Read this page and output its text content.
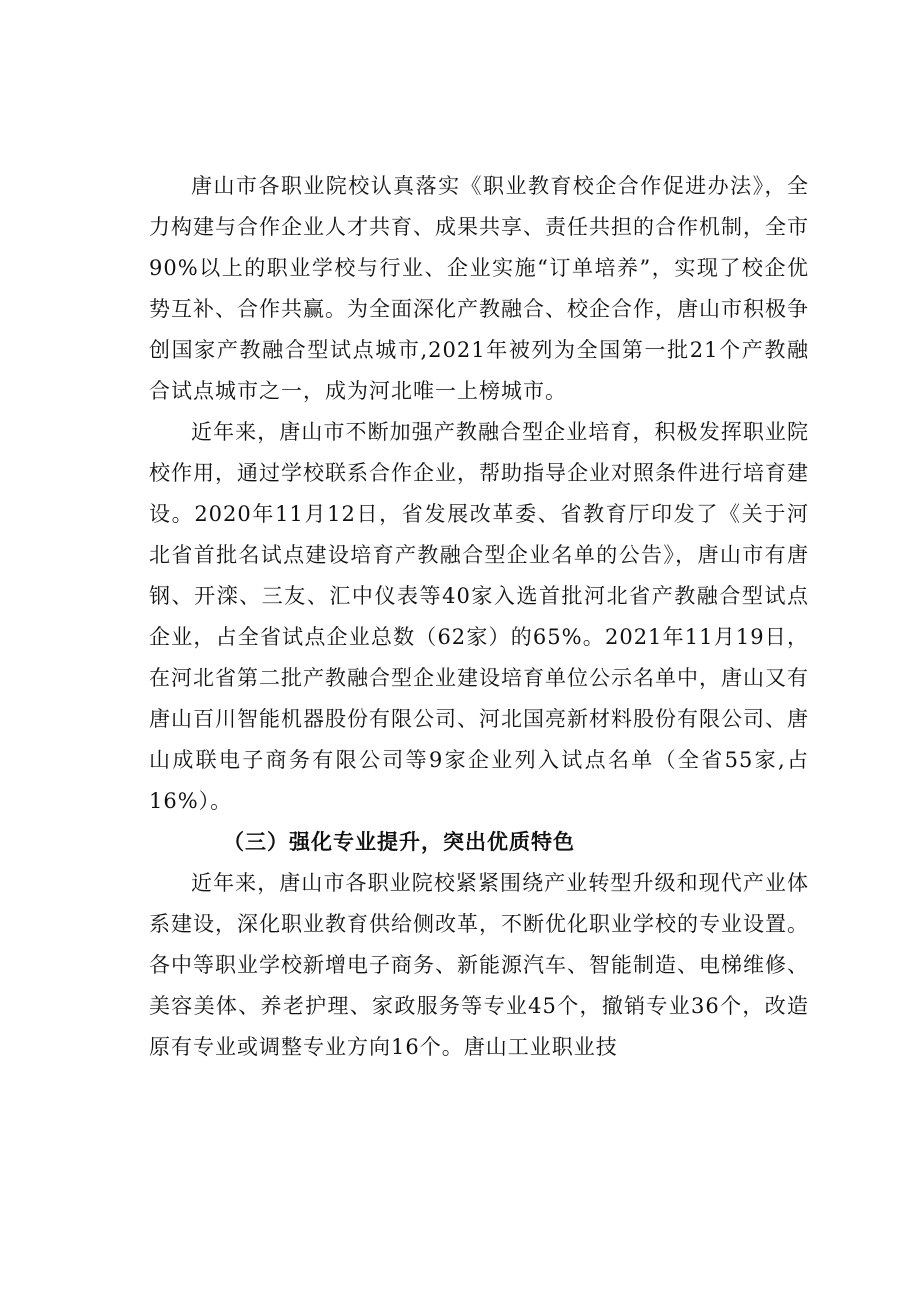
唐山市各职业院校认真落实《职业教育校企合作促进办法》，全力构建与合作企业人才共育、成果共享、责任共担的合作机制，全市90%以上的职业学校与行业、企业实施“订单培养”，实现了校企优势互补、合作共赢。为全面深化产教融合、校企合作，唐山市积极争创国家产教融合型试点城市,2021年被列为全国第一批21个产教融合试点城市之一，成为河北唯一上榜城市。

近年来，唐山市不断加强产教融合型企业培育，积极发挥职业院校作用，通过学校联系合作企业，帮助指导企业对照条件进行培育建设。2020年11月12日，省发展改革委、省教育厅印发了《关于河北省首批名试点建设培育产教融合型企业名单的公告》，唐山市有唐钢、开滦、三友、汇中仪表等40家入选首批河北省产教融合型试点企业，占全省试点企业总数（62家）的65%。2021年11月19日，在河北省第二批产教融合型企业建设培育单位公示名单中，唐山又有唐山百川智能机器股份有限公司、河北国亮新材料股份有限公司、唐山成联电子商务有限公司等9家企业列入试点名单（全省55家,占16%）。

（三）强化专业提升，突出优质特色

近年来，唐山市各职业院校紧紧围绕产业转型升级和现代产业体系建设，深化职业教育供给侧改革，不断优化职业学校的专业设置。各中等职业学校新增电子商务、新能源汽车、智能制造、电梯维修、美容美体、养老护理、家政服务等专业45个，撤销专业36个，改造原有专业或调整专业方向16个。唐山工业职业技
